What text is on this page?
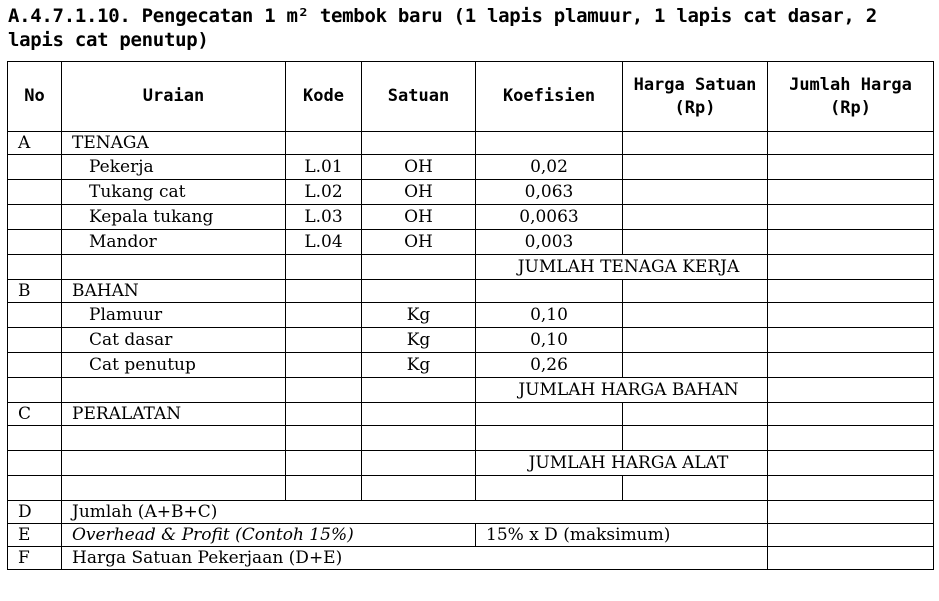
A.4.7.1.10. Pengecatan 1 m² tembok baru (1 lapis plamuur, 1 lapis cat dasar, 2 lapis cat penutup)
No	Uraian	Kode	Satuan	Koefisien	Harga Satuan (Rp)	Jumlah Harga (Rp)
A	TENAGA					
	Pekerja	L.01	OH	0,02		
	Tukang cat	L.02	OH	0,063		
	Kepala tukang	L.03	OH	0,0063		
	Mandor	L.04	OH	0,003		
				JUMLAH TENAGA KERJA		
B	BAHAN					
	Plamuur		Kg	0,10		
	Cat dasar		Kg	0,10		
	Cat penutup		Kg	0,26		
				JUMLAH HARGA BAHAN		
C	PERALATAN					

				JUMLAH HARGA ALAT		

D	Jumlah (A+B+C)					
E	Overhead & Profit (Contoh 15%)			15% x D (maksimum)		
F	Harga Satuan Pekerjaan (D+E)					
